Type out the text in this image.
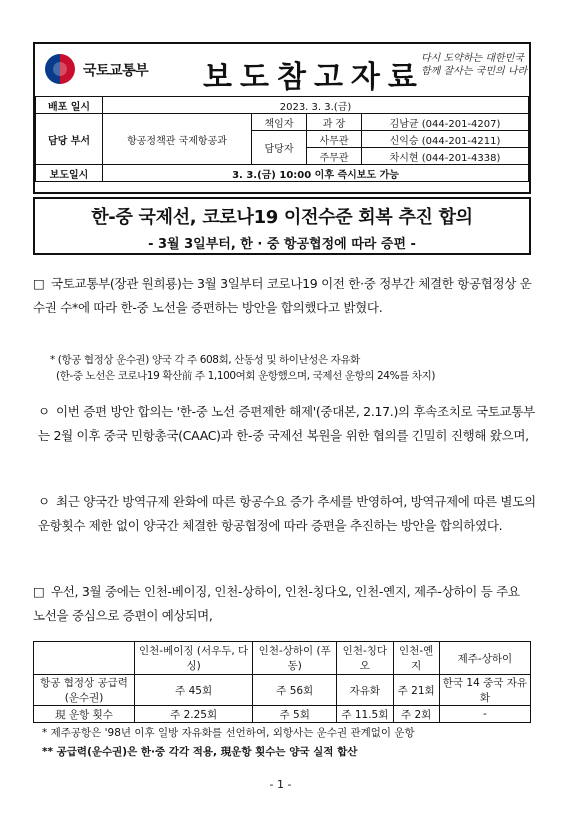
국토교통부 보도참고자료
다시 도약하는 대한민국 함께 잘사는 국민의 나라
배포 일시	2023. 3. 3.(금)			
담당 부서	항공정책관 국제항공과	책임자	과 장	김남균 (044-201-4207)
		담당자	사무관	신익승 (044-201-4211)
			주무관	차시현 (044-201-4338)
보도일시	3. 3.(금) 10:00 이후 즉시보도 가능			
한-중 국제선, 코로나19 이전수준 회복 추진 합의
- 3월 3일부터, 한 · 중 항공협정에 따라 증편 -
□ 국토교통부(장관 원희룡)는 3월 3일부터 코로나19 이전 한·중 정부간 체결한 항공협정상 운수권 수*에 따라 한-중 노선을 증편하는 방안을 합의했다고 밝혔다.
* (항공 협정상 운수권) 양국 각 주 608회, 산동성 및 하이난성은 자유화
(한-중 노선은 코로나19 확산前 주 1,100여회 운항했으며, 국제선 운항의 24%를 차지)
ㅇ 이번 증편 방안 합의는 '한-중 노선 증편제한 해제'(중대본, 2.17.)의 후속조치로 국토교통부는 2월 이후 중국 민항총국(CAAC)과 한-중 국제선 복원을 위한 협의를 긴밀히 진행해 왔으며,
ㅇ 최근 양국간 방역규제 완화에 따른 항공수요 증가 추세를 반영하여, 방역규제에 따른 별도의 운항횟수 제한 없이 양국간 체결한 항공협정에 따라 증편을 추진하는 방안을 합의하였다.
□ 우선, 3월 중에는 인천-베이징, 인천-상하이, 인천-칭다오, 인천-옌지, 제주-상하이 등 주요 노선을 중심으로 증편이 예상되며,
	인천-베이징 (서우두, 다싱)	인천-상하이 (푸동)	인천-칭다오	인천-옌지	제주-상하이
항공 협정상 공급력(운수권)	주 45회	주 56회	자유화	주 21회	한국 14 중국 자유화
現 운항 횟수	주 2.25회	주 5회	주 11.5회	주 2회	-
* 제주공항은 '98년 이후 일방 자유화를 선언하여, 외항사는 운수권 관계없이 운항
** 공급력(운수권)은 한·중 각각 적용, 現운항 횟수는 양국 실적 합산
- 1 -
